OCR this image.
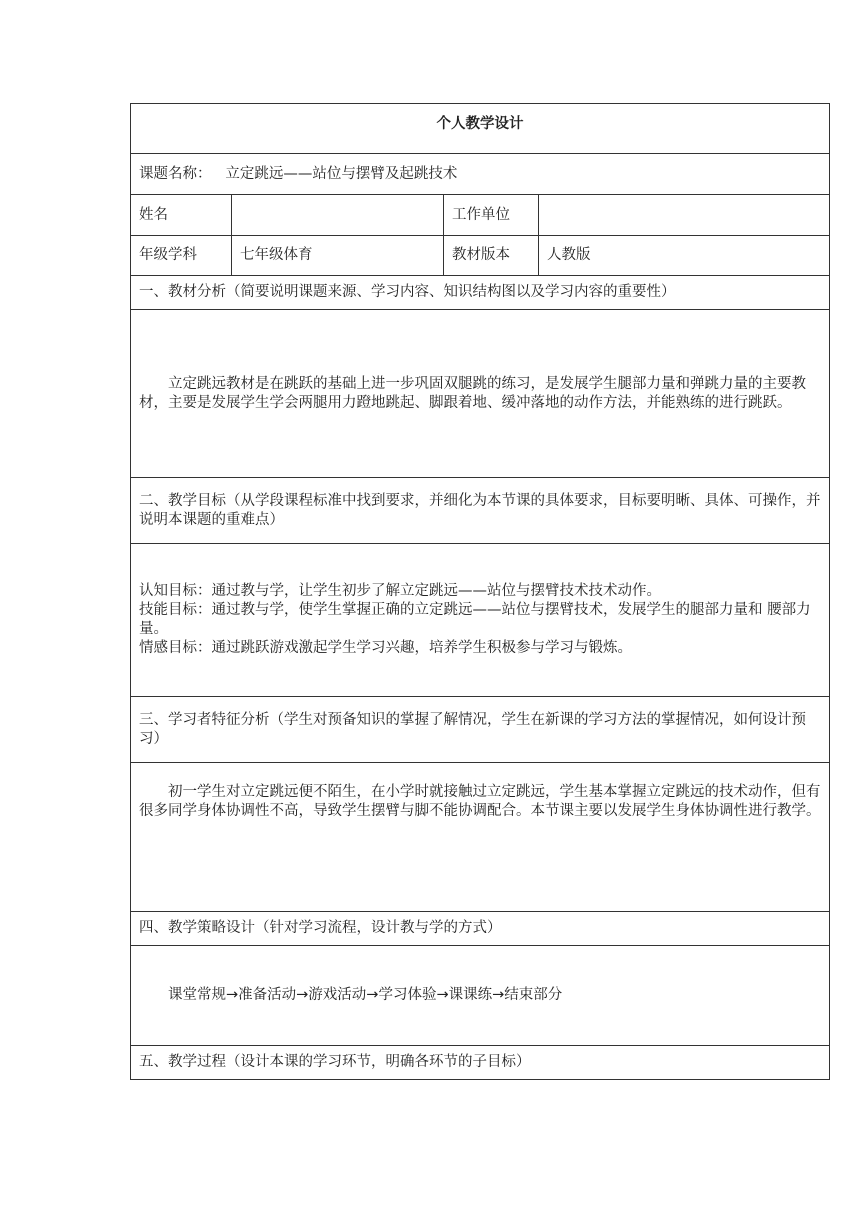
个人教学设计			
课题名称： 立定跳远——站位与摆臂及起跳技术			
姓名		工作单位	
年级学科	七年级体育	教材版本	人教版
一、教材分析（简要说明课题来源、学习内容、知识结构图以及学习内容的重要性）			
立定跳远教材是在跳跃的基础上进一步巩固双腿跳的练习，是发展学生腿部力量和弹跳力量的主要教材，主要是发展学生学会两腿用力蹬地跳起、脚跟着地、缓冲落地的动作方法，并能熟练的进行跳跃。			
二、教学目标（从学段课程标准中找到要求，并细化为本节课的具体要求，目标要明晰、具体、可操作，并说明本课题的重难点）			

认知目标：通过教与学，让学生初步了解立定跳远——站位与摆臂技术技术动作。
技能目标：通过教与学，使学生掌握正确的立定跳远——站位与摆臂技术，发展学生的腿部力量和 腰部力量。
情感目标：通过跳跃游戏激起学生学习兴趣，培养学生积极参与学习与锻炼。			

三、学习者特征分析（学生对预备知识的掌握了解情况，学生在新课的学习方法的掌握情况，如何设计预习）			
初一学生对立定跳远便不陌生，在小学时就接触过立定跳远，学生基本掌握立定跳远的技术动作，但有很多同学身体协调性不高，导致学生摆臂与脚不能协调配合。本节课主要以发展学生身体协调性进行教学。			
四、教学策略设计（针对学习流程，设计教与学的方式）			
课堂常规→准备活动→游戏活动→学习体验→课课练→结束部分			
五、教学过程（设计本课的学习环节，明确各环节的子目标）			
